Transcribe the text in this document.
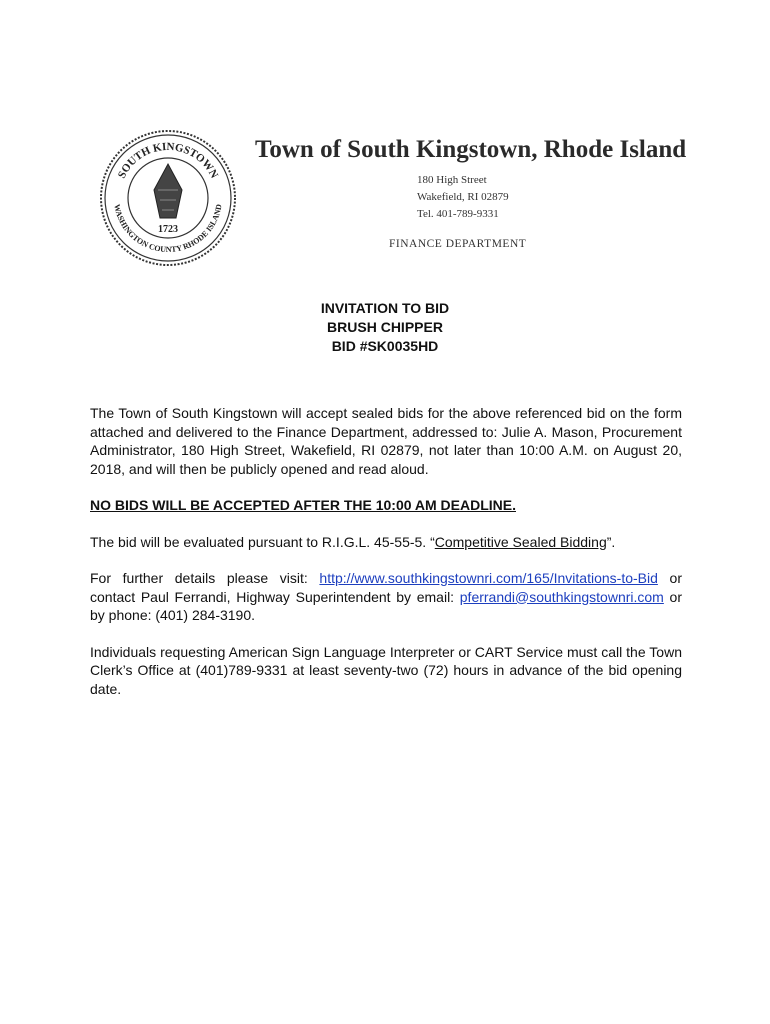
SOUTH KINGSTOWN
WASHINGTON COUNTY RHODE ISLAND
1723
Town of South Kingstown, Rhode Island
180 High Street
Wakefield, RI 02879
Tel. 401-789-9331
FINANCE DEPARTMENT
INVITATION TO BID
BRUSH CHIPPER
BID #SK0035HD

The Town of South Kingstown will accept sealed bids for the above referenced bid on the form attached and delivered to the Finance Department, addressed to: Julie A. Mason, Procurement Administrator, 180 High Street, Wakefield, RI 02879, not later than 10:00 A.M. on August 20, 2018, and will then be publicly opened and read aloud.

NO BIDS WILL BE ACCEPTED AFTER THE 10:00 AM DEADLINE.

The bid will be evaluated pursuant to R.I.G.L. 45-55-5. “Competitive Sealed Bidding”.

For further details please visit: http://www.southkingstownri.com/165/Invitations-to-Bid or contact Paul Ferrandi, Highway Superintendent by email: pferrandi@southkingstownri.com or by phone: (401) 284-3190.

Individuals requesting American Sign Language Interpreter or CART Service must call the Town Clerk’s Office at (401)789-9331 at least seventy-two (72) hours in advance of the bid opening date.
